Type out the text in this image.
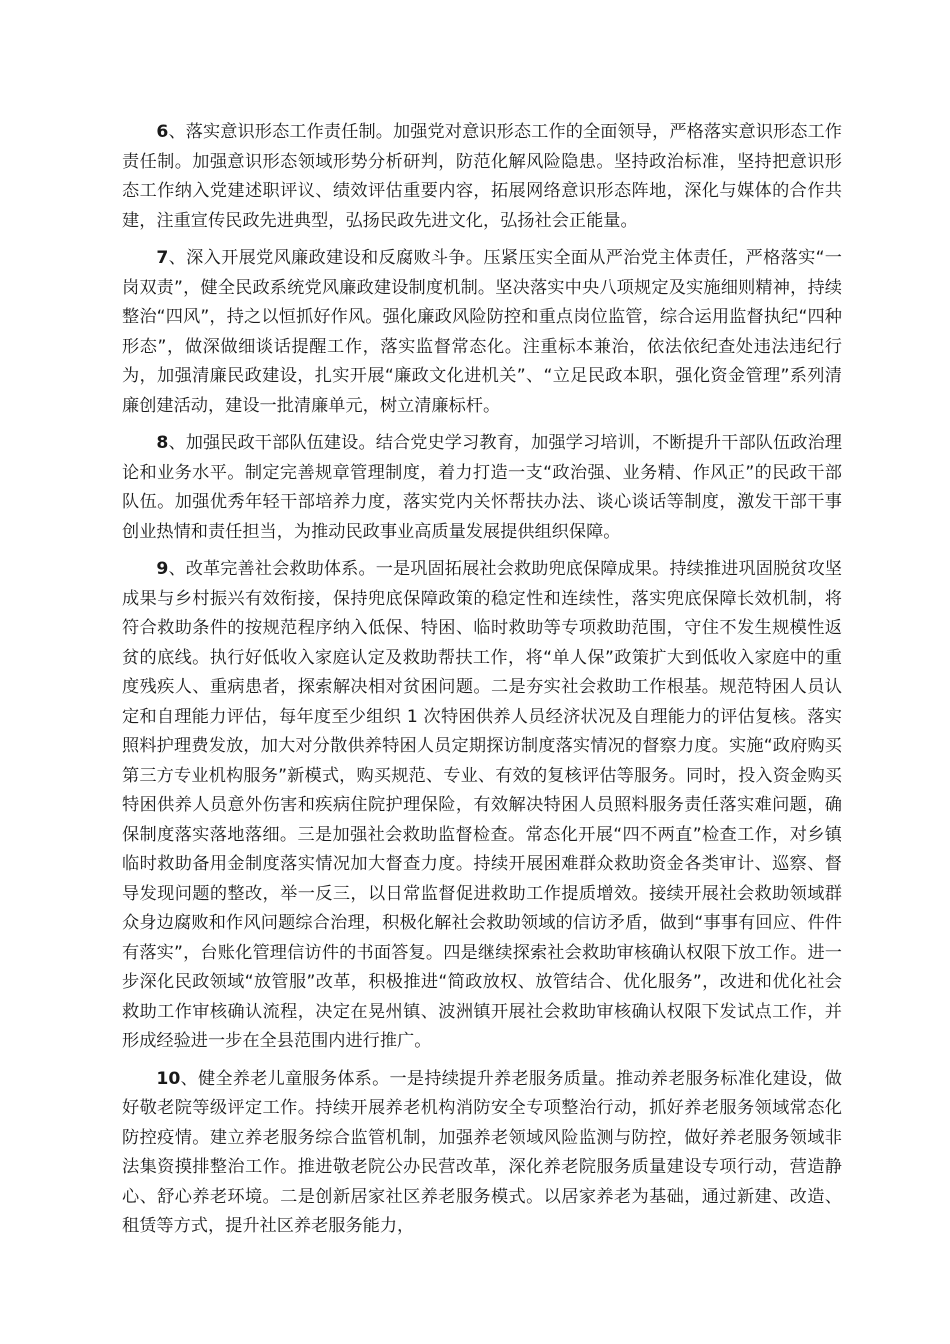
6、落实意识形态工作责任制。加强党对意识形态工作的全面领导，严格落实意识形态工作责任制。加强意识形态领域形势分析研判，防范化解风险隐患。坚持政治标准，坚持把意识形态工作纳入党建述职评议、绩效评估重要内容，拓展网络意识形态阵地，深化与媒体的合作共建，注重宣传民政先进典型，弘扬民政先进文化，弘扬社会正能量。

7、深入开展党风廉政建设和反腐败斗争。压紧压实全面从严治党主体责任，严格落实“一岗双责”，健全民政系统党风廉政建设制度机制。坚决落实中央八项规定及实施细则精神，持续整治“四风”，持之以恒抓好作风。强化廉政风险防控和重点岗位监管，综合运用监督执纪“四种形态”，做深做细谈话提醒工作，落实监督常态化。注重标本兼治，依法依纪查处违法违纪行为，加强清廉民政建设，扎实开展“廉政文化进机关”、“立足民政本职，强化资金管理”系列清廉创建活动，建设一批清廉单元，树立清廉标杆。

8、加强民政干部队伍建设。结合党史学习教育，加强学习培训，不断提升干部队伍政治理论和业务水平。制定完善规章管理制度，着力打造一支“政治强、业务精、作风正”的民政干部队伍。加强优秀年轻干部培养力度，落实党内关怀帮扶办法、谈心谈话等制度，激发干部干事创业热情和责任担当，为推动民政事业高质量发展提供组织保障。

9、改革完善社会救助体系。一是巩固拓展社会救助兜底保障成果。持续推进巩固脱贫攻坚成果与乡村振兴有效衔接，保持兜底保障政策的稳定性和连续性，落实兜底保障长效机制，将符合救助条件的按规范程序纳入低保、特困、临时救助等专项救助范围，守住不发生规模性返贫的底线。执行好低收入家庭认定及救助帮扶工作，将“单人保”政策扩大到低收入家庭中的重度残疾人、重病患者，探索解决相对贫困问题。二是夯实社会救助工作根基。规范特困人员认定和自理能力评估，每年度至少组织 1 次特困供养人员经济状况及自理能力的评估复核。落实照料护理费发放，加大对分散供养特困人员定期探访制度落实情况的督察力度。实施“政府购买第三方专业机构服务”新模式，购买规范、专业、有效的复核评估等服务。同时，投入资金购买特困供养人员意外伤害和疾病住院护理保险，有效解决特困人员照料服务责任落实难问题，确保制度落实落地落细。三是加强社会救助监督检查。常态化开展“四不两直”检查工作，对乡镇临时救助备用金制度落实情况加大督查力度。持续开展困难群众救助资金各类审计、巡察、督导发现问题的整改，举一反三，以日常监督促进救助工作提质增效。接续开展社会救助领域群众身边腐败和作风问题综合治理，积极化解社会救助领域的信访矛盾，做到“事事有回应、件件有落实”，台账化管理信访件的书面答复。四是继续探索社会救助审核确认权限下放工作。进一步深化民政领域“放管服”改革，积极推进“简政放权、放管结合、优化服务”，改进和优化社会救助工作审核确认流程，决定在晃州镇、波洲镇开展社会救助审核确认权限下发试点工作，并形成经验进一步在全县范围内进行推广。

10、健全养老儿童服务体系。一是持续提升养老服务质量。推动养老服务标准化建设，做好敬老院等级评定工作。持续开展养老机构消防安全专项整治行动，抓好养老服务领域常态化防控疫情。建立养老服务综合监管机制，加强养老领域风险监测与防控，做好养老服务领域非法集资摸排整治工作。推进敬老院公办民营改革，深化养老院服务质量建设专项行动，营造静心、舒心养老环境。二是创新居家社区养老服务模式。以居家养老为基础，通过新建、改造、租赁等方式，提升社区养老服务能力，
